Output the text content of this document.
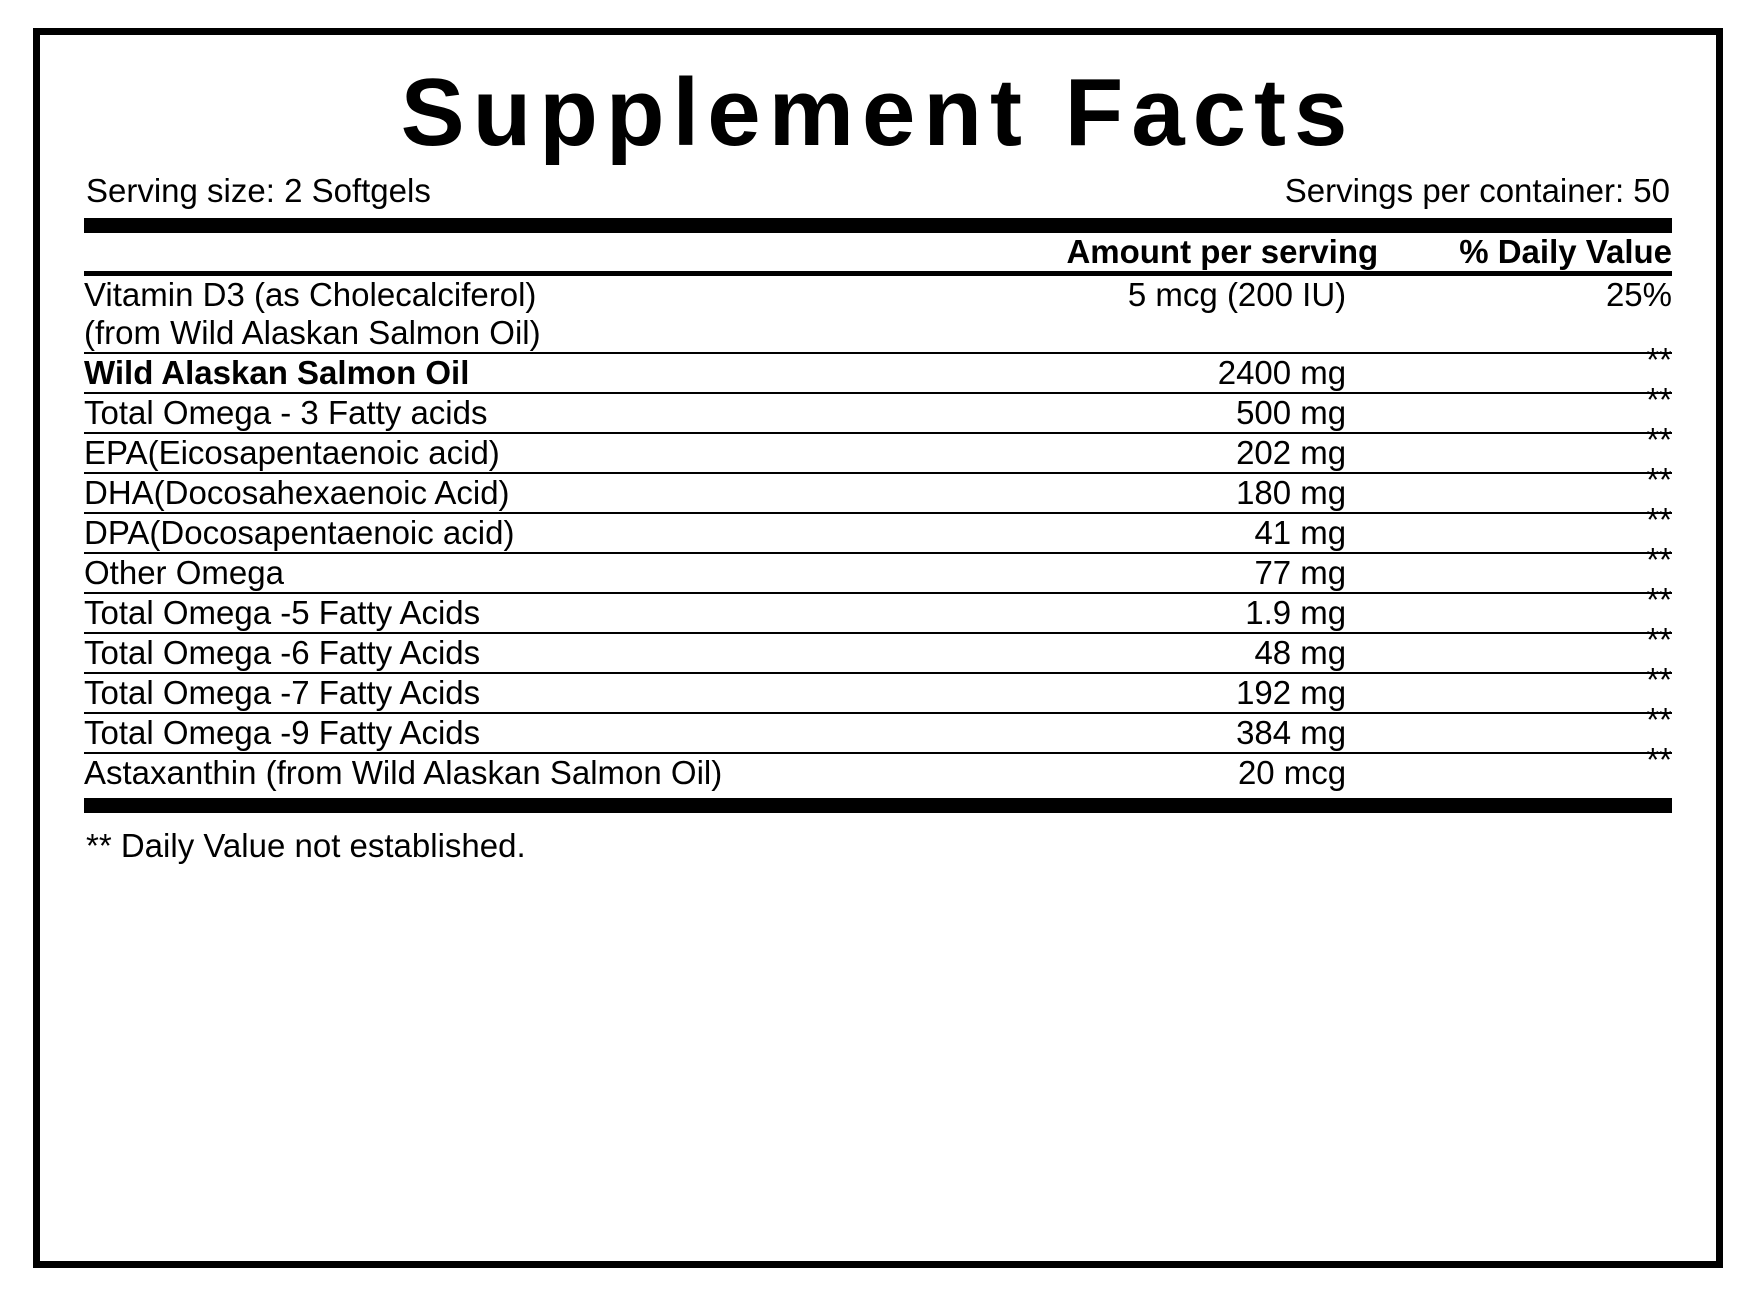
Supplement Facts
Serving size: 2 Softgels	Servings per container: 50
	Amount per serving	% Daily Value
Vitamin D3 (as Cholecalciferol)
(from Wild Alaskan Salmon Oil)	5 mcg (200 IU)	25%
Wild Alaskan Salmon Oil	2400 mg	**
Total Omega - 3 Fatty acids	500 mg	**
EPA(Eicosapentaenoic acid)	202 mg	**
DHA(Docosahexaenoic Acid)	180 mg	**
DPA(Docosapentaenoic acid)	41 mg	**
Other Omega	77 mg	**
Total Omega -5 Fatty Acids	1.9 mg	**
Total Omega -6 Fatty Acids	48 mg	**
Total Omega -7 Fatty Acids	192 mg	**
Total Omega -9 Fatty Acids	384 mg	**
Astaxanthin (from Wild Alaskan Salmon Oil)	20 mcg	**
** Daily Value not established.
